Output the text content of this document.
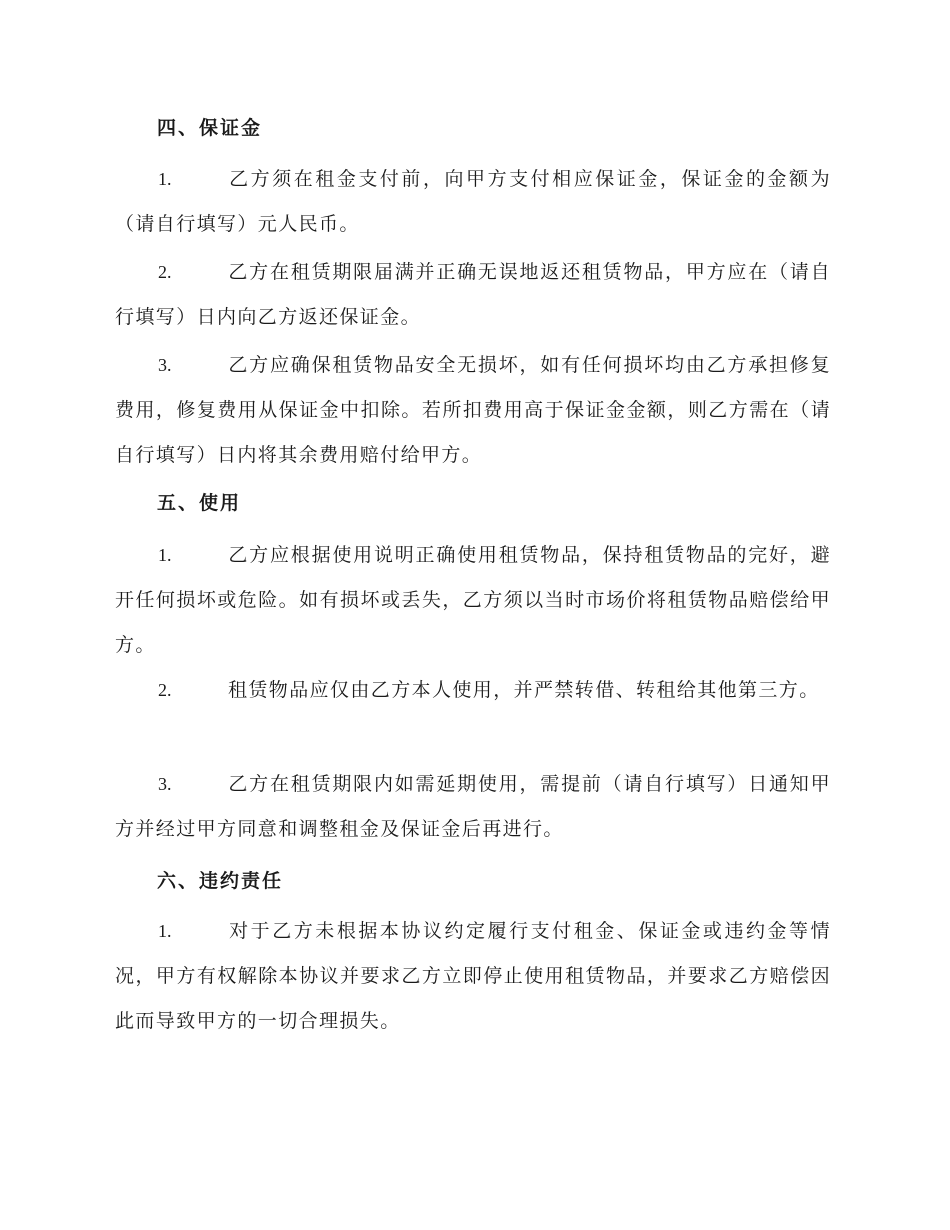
四、保证金
1.	乙方须在租金支付前，向甲方支付相应保证金，保证金的金额为（请自行填写）元人民币。
2.	乙方在租赁期限届满并正确无误地返还租赁物品，甲方应在（请自行填写）日内向乙方返还保证金。
3.	乙方应确保租赁物品安全无损坏，如有任何损坏均由乙方承担修复费用，修复费用从保证金中扣除。若所扣费用高于保证金金额，则乙方需在（请自行填写）日内将其余费用赔付给甲方。
五、使用
1.	乙方应根据使用说明正确使用租赁物品，保持租赁物品的完好，避开任何损坏或危险。如有损坏或丢失，乙方须以当时市场价将租赁物品赔偿给甲方。
2.	租赁物品应仅由乙方本人使用，并严禁转借、转租给其他第三方。
3.	乙方在租赁期限内如需延期使用，需提前（请自行填写）日通知甲方并经过甲方同意和调整租金及保证金后再进行。
六、违约责任
1.	对于乙方未根据本协议约定履行支付租金、保证金或违约金等情况，甲方有权解除本协议并要求乙方立即停止使用租赁物品，并要求乙方赔偿因此而导致甲方的一切合理损失。
